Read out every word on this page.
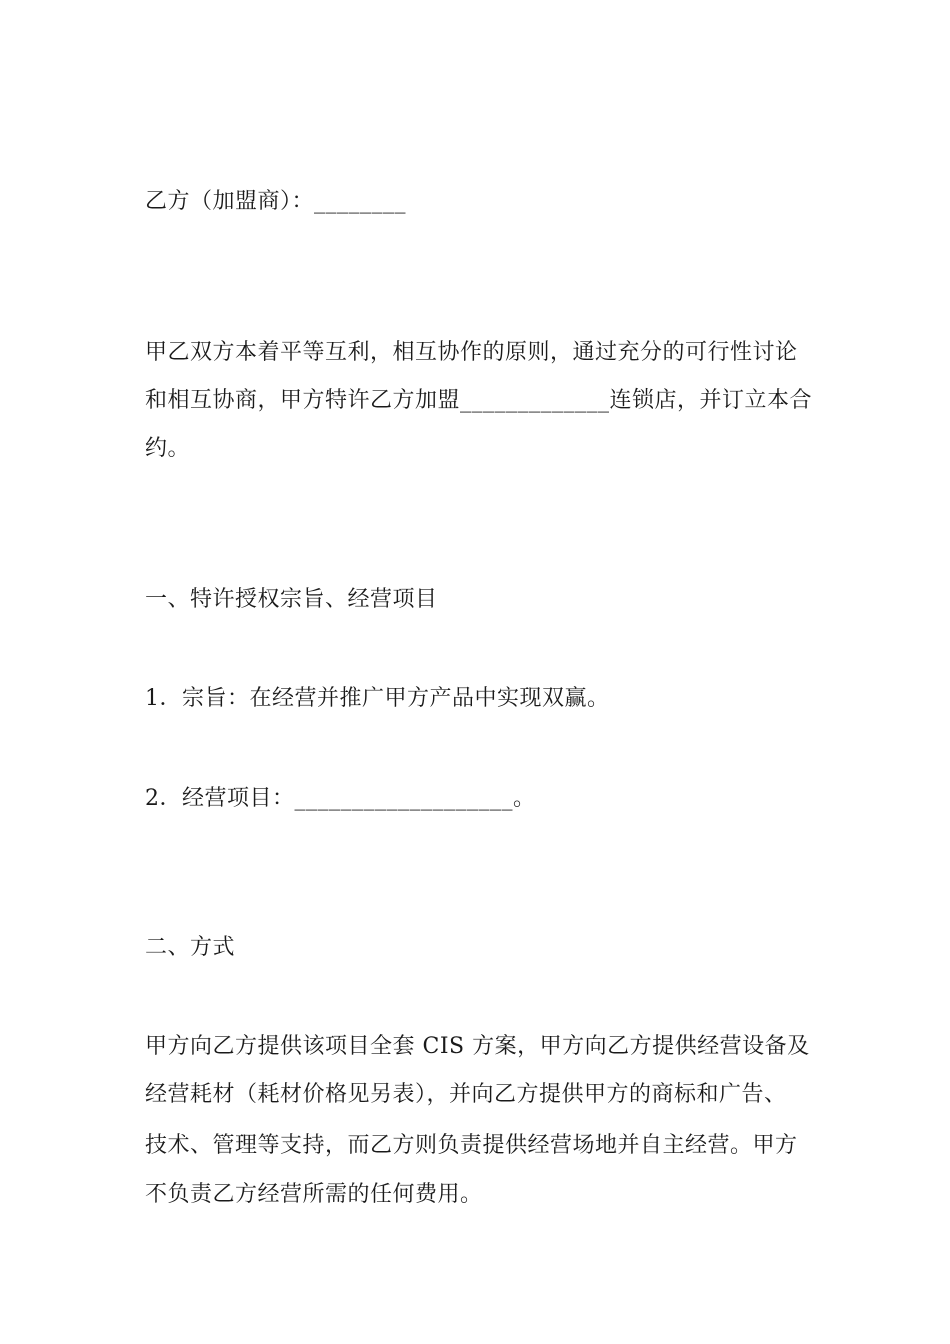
乙方（加盟商）：________
甲乙双方本着平等互利，相互协作的原则，通过充分的可行性讨论
和相互协商，甲方特许乙方加盟_____________连锁店，并订立本合
约。
一、特许授权宗旨、经营项目
1．宗旨：在经营并推广甲方产品中实现双赢。
2．经营项目：___________________。
二、方式
甲方向乙方提供该项目全套 CIS 方案，甲方向乙方提供经营设备及
经营耗材（耗材价格见另表），并向乙方提供甲方的商标和广告、
技术、管理等支持，而乙方则负责提供经营场地并自主经营。甲方
不负责乙方经营所需的任何费用。
